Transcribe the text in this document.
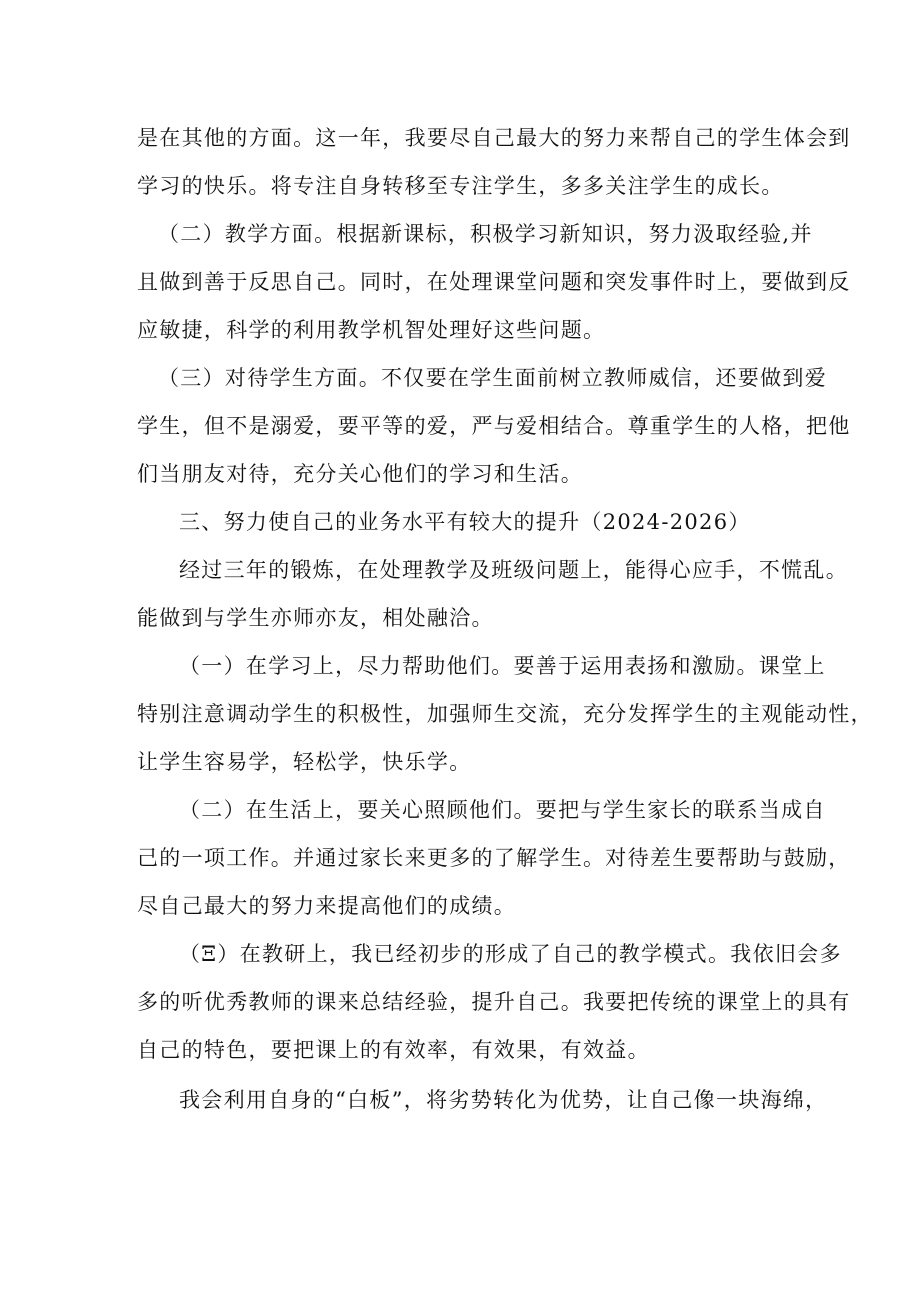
是在其他的方面。这一年，我要尽自己最大的努力来帮自己的学生体会到

学习的快乐。将专注自身转移至专注学生，多多关注学生的成长。

（二）教学方面。根据新课标，积极学习新知识，努力汲取经验,并

且做到善于反思自己。同时，在处理课堂问题和突发事件时上，要做到反

应敏捷，科学的利用教学机智处理好这些问题。

（三）对待学生方面。不仅要在学生面前树立教师威信，还要做到爱

学生，但不是溺爱，要平等的爱，严与爱相结合。尊重学生的人格，把他

们当朋友对待，充分关心他们的学习和生活。

三、努力使自己的业务水平有较大的提升（2024-2026）

经过三年的锻炼，在处理教学及班级问题上，能得心应手，不慌乱。

能做到与学生亦师亦友，相处融洽。

（一）在学习上，尽力帮助他们。要善于运用表扬和激励。课堂上

特别注意调动学生的积极性，加强师生交流，充分发挥学生的主观能动性，

让学生容易学，轻松学，快乐学。

（二）在生活上，要关心照顾他们。要把与学生家长的联系当成自

己的一项工作。并通过家长来更多的了解学生。对待差生要帮助与鼓励，

尽自己最大的努力来提高他们的成绩。

（Ξ）在教研上，我已经初步的形成了自己的教学模式。我依旧会多

多的听优秀教师的课来总结经验，提升自己。我要把传统的课堂上的具有

自己的特色，要把课上的有效率，有效果，有效益。

我会利用自身的“白板”，将劣势转化为优势，让自己像一块海绵，
